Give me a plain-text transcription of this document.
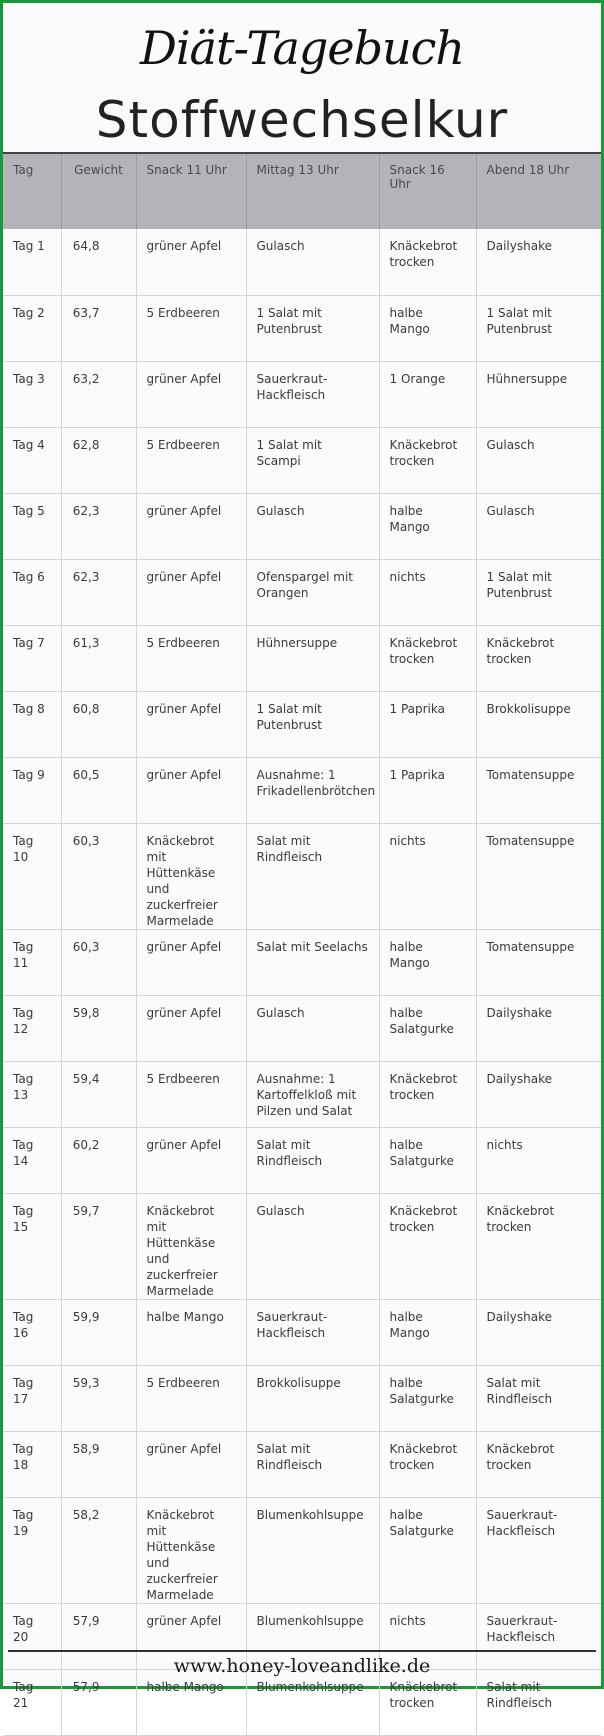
Diät-Tagebuch
Stoffwechselkur
Tag	Gewicht	Snack 11 Uhr	Mittag 13 Uhr	Snack 16 Uhr	Abend 18 Uhr
Tag 1	64,8	grüner Apfel	Gulasch	Knäckebrot trocken	Dailyshake
Tag 2	63,7	5 Erdbeeren	1 Salat mit Putenbrust	halbe Mango	1 Salat mit Putenbrust
Tag 3	63,2	grüner Apfel	Sauerkraut-Hackfleisch	1 Orange	Hühnersuppe
Tag 4	62,8	5 Erdbeeren	1 Salat mit Scampi	Knäckebrot trocken	Gulasch
Tag 5	62,3	grüner Apfel	Gulasch	halbe Mango	Gulasch
Tag 6	62,3	grüner Apfel	Ofenspargel mit Orangen	nichts	1 Salat mit Putenbrust
Tag 7	61,3	5 Erdbeeren	Hühnersuppe	Knäckebrot trocken	Knäckebrot trocken
Tag 8	60,8	grüner Apfel	1 Salat mit Putenbrust	1 Paprika	Brokkolisuppe
Tag 9	60,5	grüner Apfel	Ausnahme: 1 Frikadellenbrötchen	1 Paprika	Tomatensuppe
Tag 10	60,3	Knäckebrot mit Hüttenkäse und zuckerfreier Marmelade	Salat mit Rindfleisch	nichts	Tomatensuppe
Tag 11	60,3	grüner Apfel	Salat mit Seelachs	halbe Mango	Tomatensuppe
Tag 12	59,8	grüner Apfel	Gulasch	halbe Salatgurke	Dailyshake
Tag 13	59,4	5 Erdbeeren	Ausnahme: 1 Kartoffelkloß mit Pilzen und Salat	Knäckebrot trocken	Dailyshake
Tag 14	60,2	grüner Apfel	Salat mit Rindfleisch	halbe Salatgurke	nichts
Tag 15	59,7	Knäckebrot mit Hüttenkäse und zuckerfreier Marmelade	Gulasch	Knäckebrot trocken	Knäckebrot trocken
Tag 16	59,9	halbe Mango	Sauerkraut-Hackfleisch	halbe Mango	Dailyshake
Tag 17	59,3	5 Erdbeeren	Brokkolisuppe	halbe Salatgurke	Salat mit Rindfleisch
Tag 18	58,9	grüner Apfel	Salat mit Rindfleisch	Knäckebrot trocken	Knäckebrot trocken
Tag 19	58,2	Knäckebrot mit Hüttenkäse und zuckerfreier Marmelade	Blumenkohlsuppe	halbe Salatgurke	Sauerkraut-Hackfleisch
Tag 20	57,9	grüner Apfel	Blumenkohlsuppe	nichts	Sauerkraut-Hackfleisch
Tag 21	57,9	halbe Mango	Blumenkohlsuppe	Knäckebrot trocken	Salat mit Rindfleisch
www.honey-loveandlike.de
